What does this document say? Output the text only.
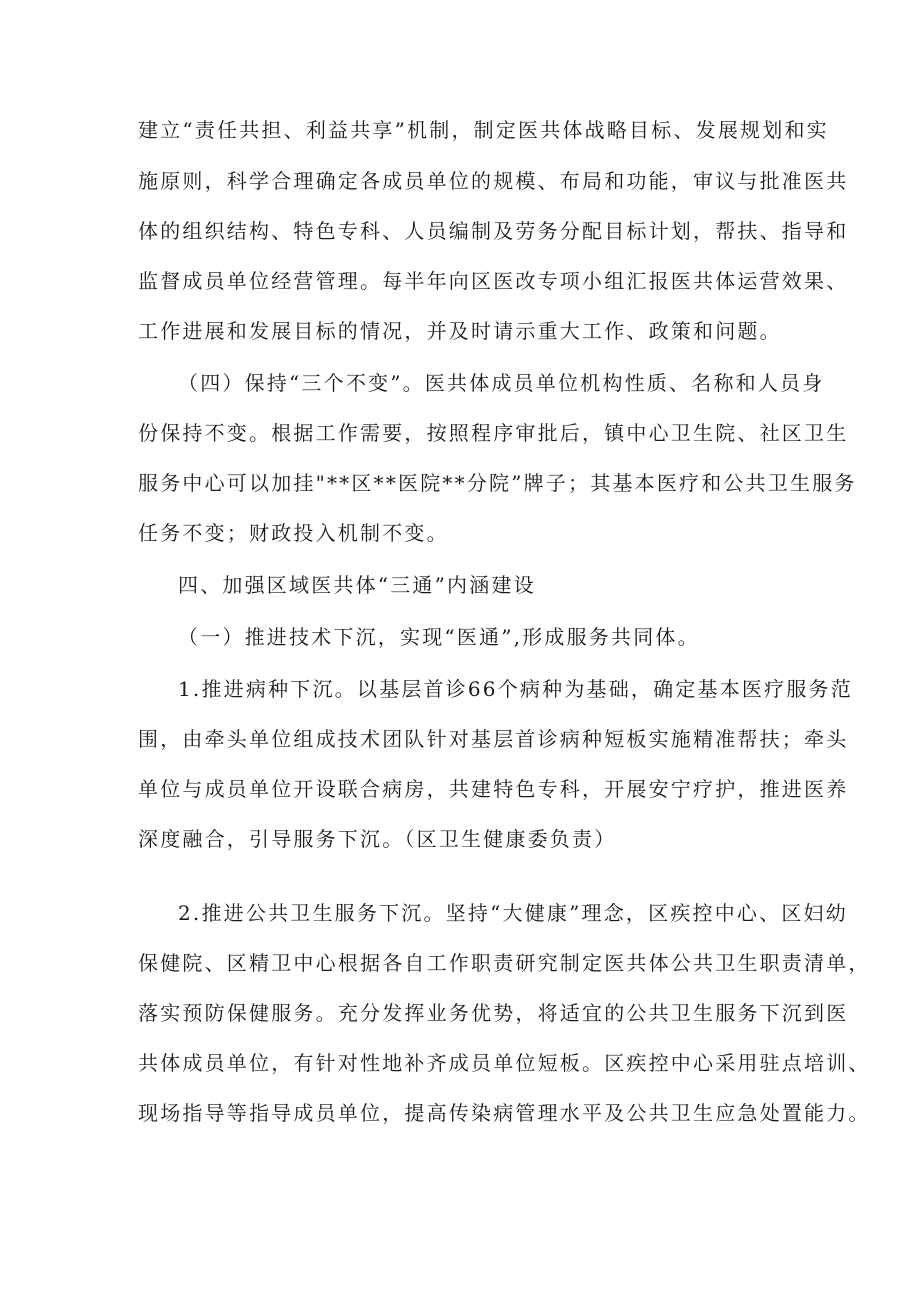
建立“责任共担、利益共享”机制，制定医共体战略目标、发展规划和实
施原则，科学合理确定各成员单位的规模、布局和功能，审议与批准医共
体的组织结构、特色专科、人员编制及劳务分配目标计划，帮扶、指导和
监督成员单位经营管理。每半年向区医改专项小组汇报医共体运营效果、
工作进展和发展目标的情况，并及时请示重大工作、政策和问题。
（四）保持“三个不变”。医共体成员单位机构性质、名称和人员身
份保持不变。根据工作需要，按照程序审批后，镇中心卫生院、社区卫生
服务中心可以加挂"**区**医院**分院”牌子；其基本医疗和公共卫生服务
任务不变；财政投入机制不变。
四、加强区域医共体“三通”内涵建设
（一）推进技术下沉，实现“医通”,形成服务共同体。
1.推进病种下沉。以基层首诊66个病种为基础，确定基本医疗服务范
围，由牵头单位组成技术团队针对基层首诊病种短板实施精准帮扶；牵头
单位与成员单位开设联合病房，共建特色专科，开展安宁疗护，推进医养
深度融合，引导服务下沉。（区卫生健康委负责）
2.推进公共卫生服务下沉。坚持“大健康”理念，区疾控中心、区妇幼
保健院、区精卫中心根据各自工作职责研究制定医共体公共卫生职责清单，
落实预防保健服务。充分发挥业务优势，将适宜的公共卫生服务下沉到医
共体成员单位，有针对性地补齐成员单位短板。区疾控中心采用驻点培训、
现场指导等指导成员单位，提高传染病管理水平及公共卫生应急处置能力。
